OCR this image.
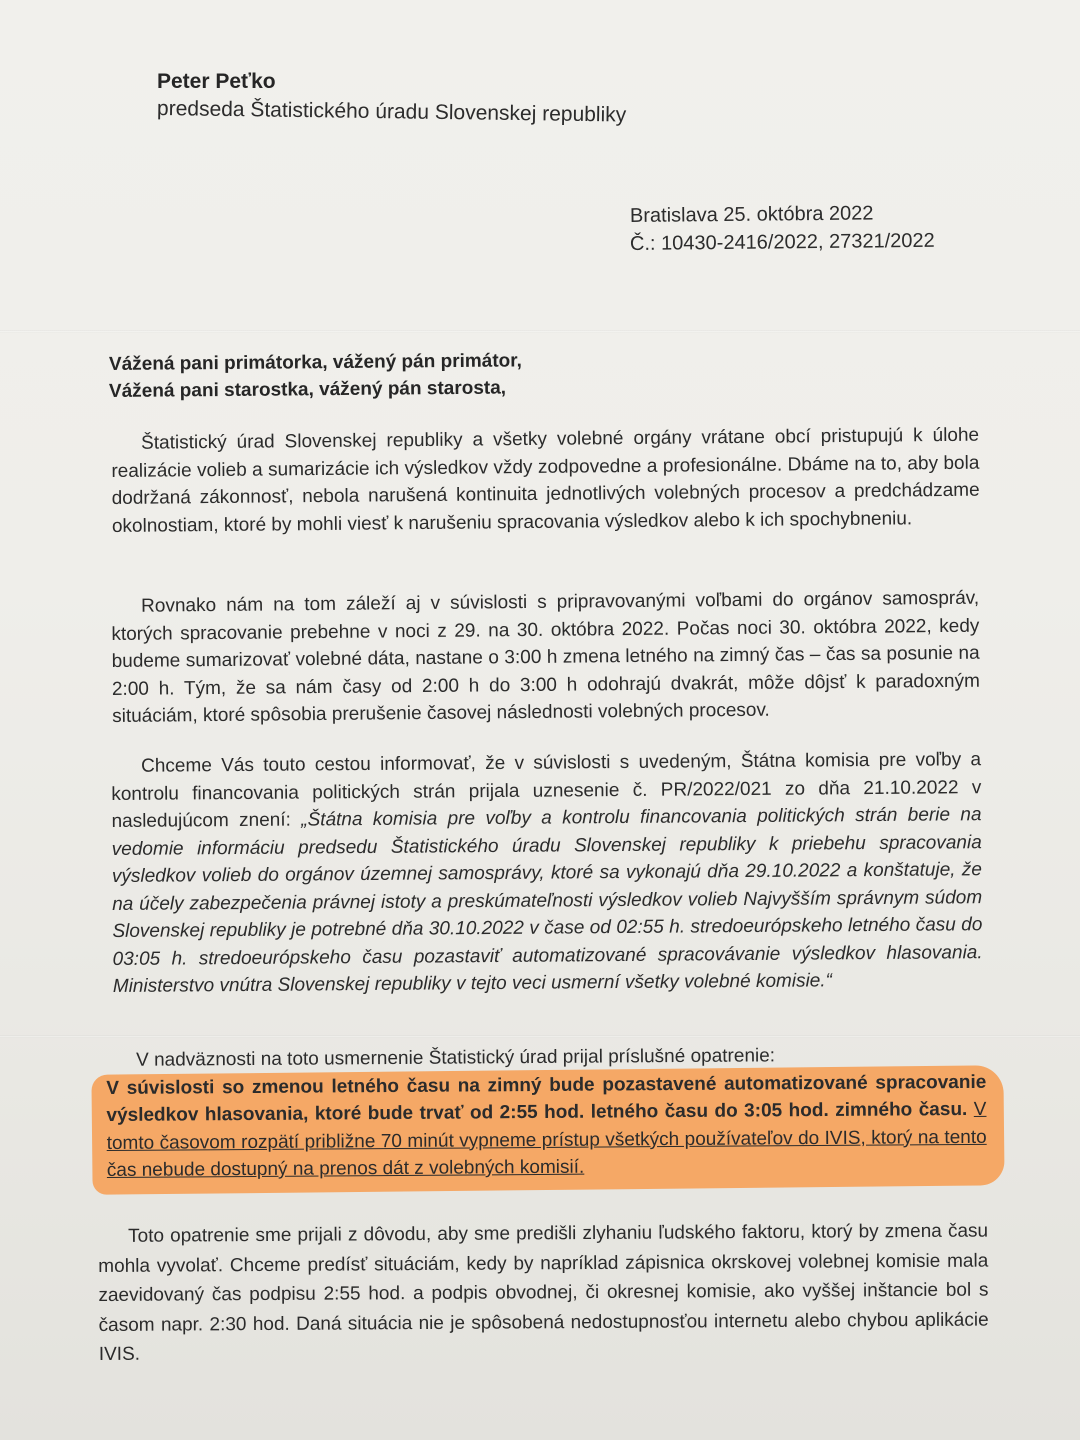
Peter Peťko
predseda Štatistického úradu Slovenskej republiky
Bratislava 25. októbra 2022
Č.: 10430-2416/2022, 27321/2022
Vážená pani primátorka, vážený pán primátor,
Vážená pani starostka, vážený pán starosta,
Štatistický úrad Slovenskej republiky a všetky volebné orgány vrátane obcí pristupujú k úlohe realizácie volieb a sumarizácie ich výsledkov vždy zodpovedne a profesionálne. Dbáme na to, aby bola dodržaná zákonnosť, nebola narušená kontinuita jednotlivých volebných procesov a predchádzame okolnostiam, ktoré by mohli viesť k narušeniu spracovania výsledkov alebo k ich spochybneniu.
Rovnako nám na tom záleží aj v súvislosti s pripravovanými voľbami do orgánov samospráv, ktorých spracovanie prebehne v noci z 29. na 30. októbra 2022. Počas noci 30. októbra 2022, kedy budeme sumarizovať volebné dáta, nastane o 3:00 h zmena letného na zimný čas – čas sa posunie na 2:00 h. Tým, že sa nám časy od 2:00 h do 3:00 h odohrajú dvakrát, môže dôjsť k paradoxným situáciám, ktoré spôsobia prerušenie časovej následnosti volebných procesov.
Chceme Vás touto cestou informovať, že v súvislosti s uvedeným, Štátna komisia pre voľby a kontrolu financovania politických strán prijala uznesenie č. PR/2022/021 zo dňa 21.10.2022 v nasledujúcom znení: „Štátna komisia pre voľby a kontrolu financovania politických strán berie na vedomie informáciu predsedu Štatistického úradu Slovenskej republiky k priebehu spracovania výsledkov volieb do orgánov územnej samosprávy, ktoré sa vykonajú dňa 29.10.2022 a konštatuje, že na účely zabezpečenia právnej istoty a preskúmateľnosti výsledkov volieb Najvyšším správnym súdom Slovenskej republiky je potrebné dňa 30.10.2022 v čase od 02:55 h. stredoeurópskeho letného času do 03:05 h. stredoeurópskeho času pozastaviť automatizované spracovávanie výsledkov hlasovania. Ministerstvo vnútra Slovenskej republiky v tejto veci usmerní všetky volebné komisie.“
V nadväznosti na toto usmernenie Štatistický úrad prijal príslušné opatrenie:
V súvislosti so zmenou letného času na zimný bude pozastavené automatizované spracovanie výsledkov hlasovania, ktoré bude trvať od 2:55 hod. letného času do 3:05 hod. zimného času. V tomto časovom rozpätí približne 70 minút vypneme prístup všetkých používateľov do IVIS, ktorý na tento čas nebude dostupný na prenos dát z volebných komisií.
Toto opatrenie sme prijali z dôvodu, aby sme predišli zlyhaniu ľudského faktoru, ktorý by zmena času mohla vyvolať. Chceme predísť situáciám, kedy by napríklad zápisnica okrskovej volebnej komisie mala zaevidovaný čas podpisu 2:55 hod. a podpis obvodnej, či okresnej komisie, ako vyššej inštancie bol s časom napr. 2:30 hod. Daná situácia nie je spôsobená nedostupnosťou internetu alebo chybou aplikácie IVIS.
